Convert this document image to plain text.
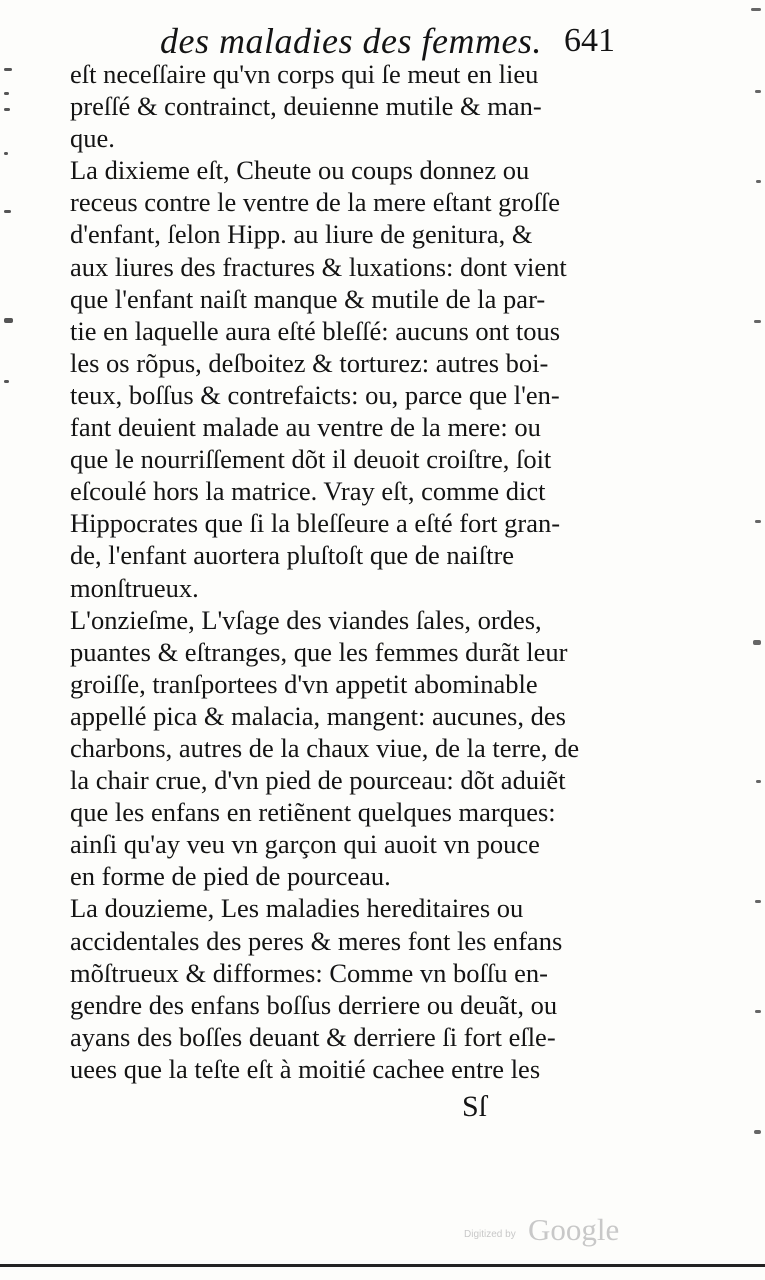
des maladies des femmes. 641
eſt neceſſaire qu'vn corps qui ſe meut en lieu
preſſé & contrainct, deuienne mutile & man-
que.
La dixieme eſt, Cheute ou coups donnez ou
receus contre le ventre de la mere eſtant groſſe
d'enfant, ſelon Hipp. au liure de genitura, &
aux liures des fractures & luxations: dont vient
que l'enfant naiſt manque & mutile de la par-
tie en laquelle aura eſté bleſſé: aucuns ont tous
les os rõpus, deſboitez & torturez: autres boi-
teux, boſſus & contrefaicts: ou, parce que l'en-
fant deuient malade au ventre de la mere: ou
que le nourriſſement dõt il deuoit croiſtre, ſoit
eſcoulé hors la matrice. Vray eſt, comme dict
Hippocrates que ſi la bleſſeure a eſté fort gran-
de, l'enfant auortera pluſtoſt que de naiſtre
monſtrueux.
L'onzieſme, L'vſage des viandes ſales, ordes,
puantes & eſtranges, que les femmes durãt leur
groiſſe, tranſportees d'vn appetit abominable
appellé pica & malacia, mangent: aucunes, des
charbons, autres de la chaux viue, de la terre, de
la chair crue, d'vn pied de pourceau: dõt aduiẽt
que les enfans en retiẽnent quelques marques:
ainſi qu'ay veu vn garçon qui auoit vn pouce
en forme de pied de pourceau.
La douzieme, Les maladies hereditaires ou
accidentales des peres & meres font les enfans
mõſtrueux & difformes: Comme vn boſſu en-
gendre des enfans boſſus derriere ou deuãt, ou
ayans des boſſes deuant & derriere ſi fort eſle-
uees que la teſte eſt à moitié cachee entre les
Sſ
Digitized by Google
